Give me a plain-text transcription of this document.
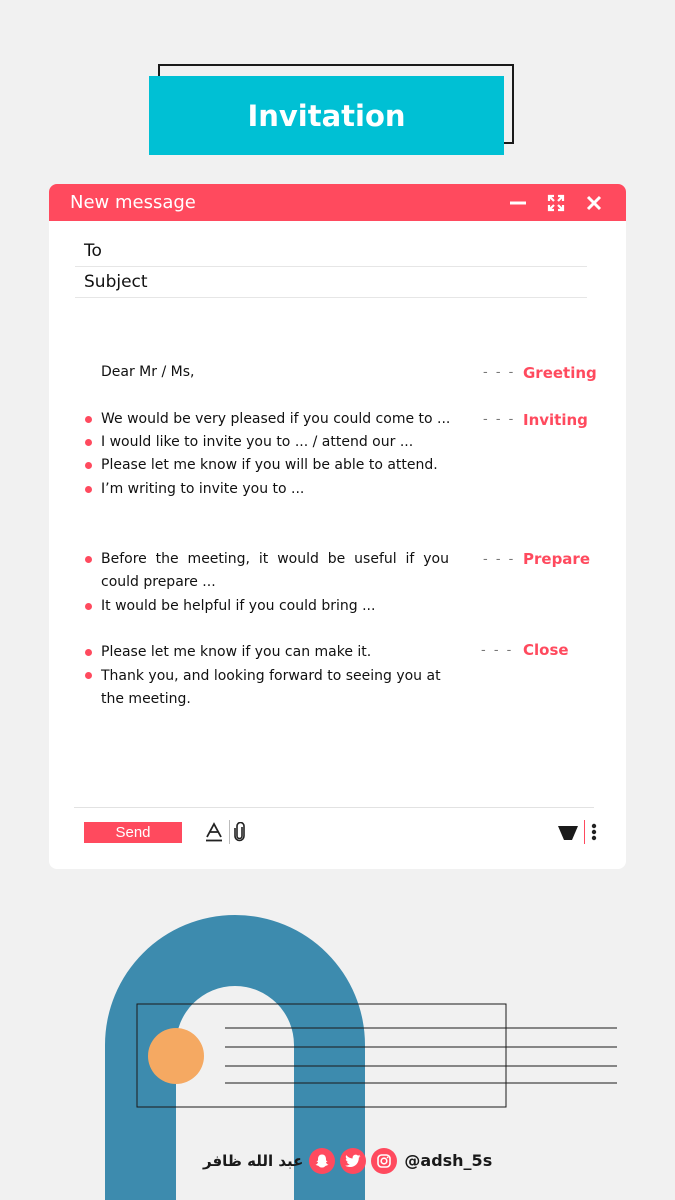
Invitation
New message
To
Subject
Dear Mr / Ms,	- - - Greeting
We would be very pleased if you could come to ...
I would like to invite you to ... / attend our ...
Please let me know if you will be able to attend.
I’m writing to invite you to ...
- - - Inviting
Before the meeting, it would be useful if you
could prepare ...
It would be helpful if you could bring ...
- - - Prepare
Please let me know if you can make it.
Thank you, and looking forward to seeing you at
the meeting.
- - - Close
Send
عبد الله ظافر	@adsh_5s
